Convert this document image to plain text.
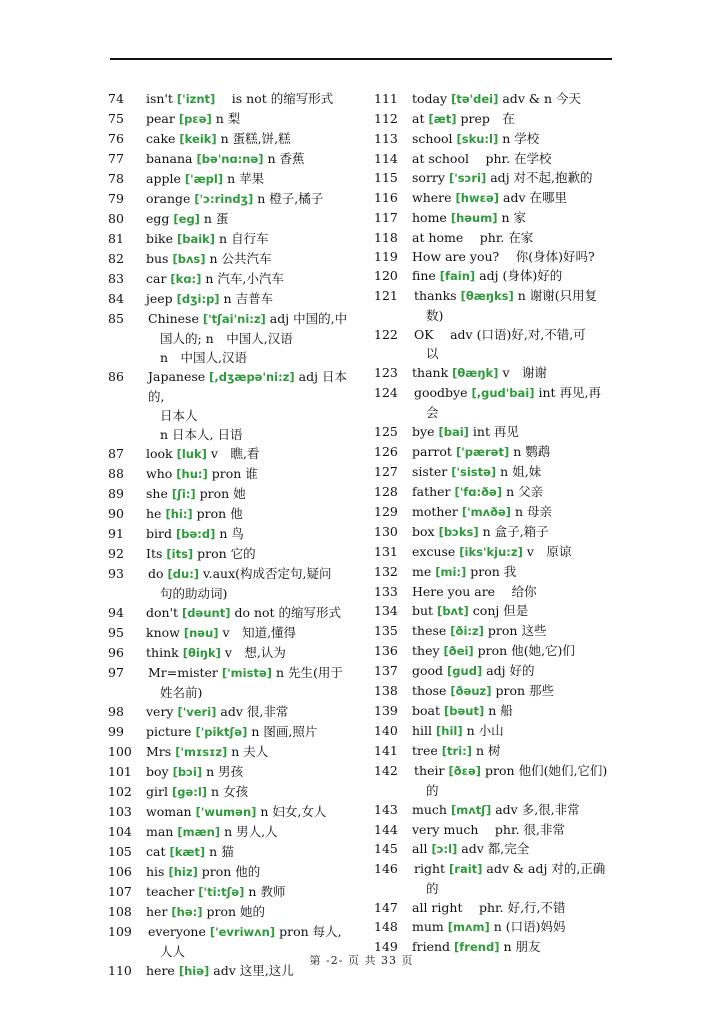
74	isn't ['iznt] 　is not 的缩写形式
75	pear [pεə] n 梨
76	cake [keik] n 蛋糕,饼,糕
77	banana [bə'nɑ:nə] n 香蕉
78	apple ['æpl] n 苹果
79	orange ['ɔ:rindʒ] n 橙子,橘子
80	egg [eg] n 蛋
81	bike [baik] n 自行车
82	bus [bʌs] n 公共汽车
83	car [kɑ:] n 汽车,小汽车
84	jeep [dʒi:p] n 吉普车
85	Chinese ['tʃai'ni:z] adj 中国的,中
国人的; n　中国人,汉语
n　中国人,汉语
86	Japanese [,dʒæpə'ni:z] adj 日本的,
日本人
n 日本人, 日语
87	look [luk] v　瞧,看
88	who [hu:] pron 谁
89	she [ʃi:] pron 她
90	he [hi:] pron 他
91	bird [bə:d] n 鸟
92	Its [its] pron 它的
93	do [du:] v.aux(构成否定句,疑问
句的助动词)
94	don't [dəunt] do not 的缩写形式
95	know [nəu] v　知道,懂得
96	think [θiŋk] v　想,认为
97	Mr=mister ['mistə] n 先生(用于
姓名前)
98	very ['veri] adv 很,非常
99	picture ['piktʃə] n 图画,照片
100	Mrs ['mɪsɪz] n 夫人
101	boy [bɔi] n 男孩
102	girl [gə:l] n 女孩
103	woman ['wumən] n 妇女,女人
104	man [mæn] n 男人,人
105	cat [kæt] n 猫
106	his [hiz] pron 他的
107	teacher ['ti:tʃə] n 教师
108	her [hə:] pron 她的
109	everyone ['evriwʌn] pron 每人,
人人
110	here [hiə] adv 这里,这儿
111	today [tə'dei] adv & n 今天
112	at [æt] prep　在
113	school [sku:l] n 学校
114	at school 　phr. 在学校
115	sorry ['sɔri] adj 对不起,抱歉的
116	where [hwεə] adv 在哪里
117	home [həum] n 家
118	at home 　phr. 在家
119	How are you? 　你(身体)好吗?
120	fine [fain] adj (身体)好的
121	thanks [θæŋks] n 谢谢(只用复
数)
122	OK 　adv (口语)好,对,不错,可
以
123	thank [θæŋk] v　谢谢
124	goodbye [,gud'bai] int 再见,再
会
125	bye [bai] int 再见
126	parrot ['pærət] n 鹦鹉
127	sister ['sistə] n 姐,妹
128	father ['fɑ:ðə] n 父亲
129	mother ['mʌðə] n 母亲
130	box [bɔks] n 盒子,箱子
131	excuse [iks'kju:z] v　原谅
132	me [mi:] pron 我
133	Here you are 　给你
134	but [bʌt] conj 但是
135	these [ði:z] pron 这些
136	they [ðei] pron 他(她,它)们
137	good [gud] adj 好的
138	those [ðəuz] pron 那些
139	boat [bəut] n 船
140	hill [hil] n 小山
141	tree [tri:] n 树
142	their [ðεə] pron 他们(她们,它们)
的
143	much [mʌtʃ] adv 多,很,非常
144	very much 　phr. 很,非常
145	all [ɔ:l] adv 都,完全
146	right [rait] adv & adj 对的,正确
的
147	all right 　phr. 好,行,不错
148	mum [mʌm] n (口语)妈妈
149	friend [frend] n 朋友
第 -2- 页 共 33 页
